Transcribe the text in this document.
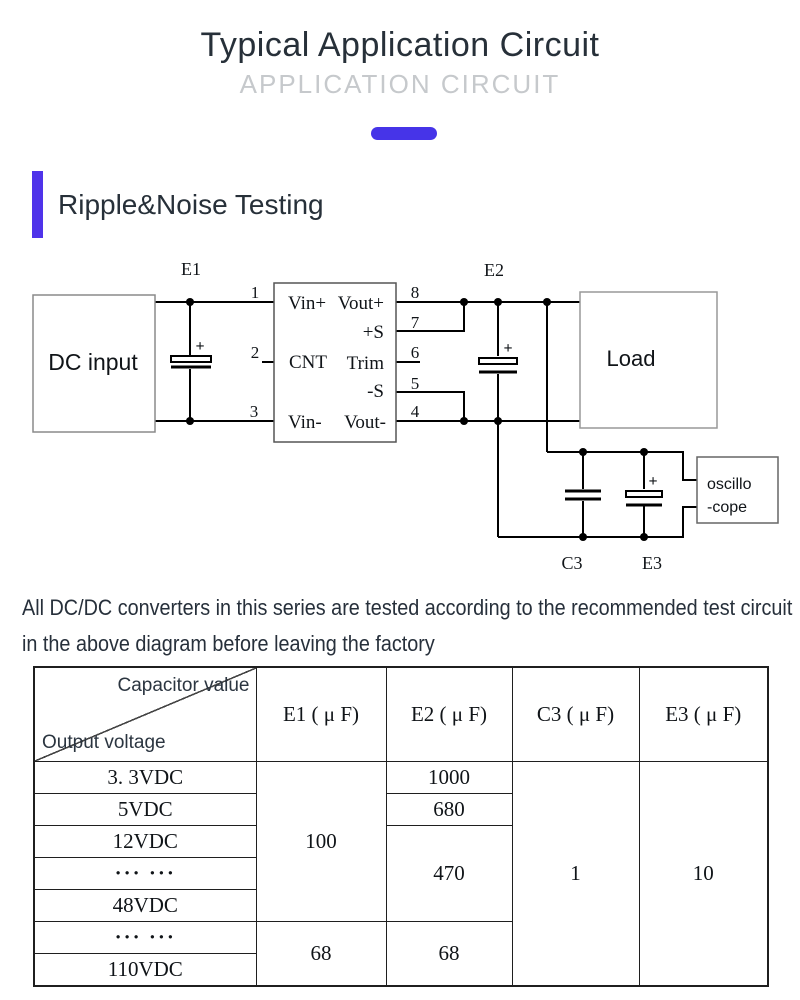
Typical Application Circuit
APPLICATION CIRCUIT
Ripple&Noise Testing
+	+
+
DC input
Vin+ Vout+
+S
CNT Trim
-S
Vin- Vout-
1
2
3
8
7
6
5
4
Load
oscillo
-cope
E1	E2
C3	E3

All DC/DC converters in this series are tested according to the recommended test circuit in the above diagram before leaving the factory

Capacitor value
Output voltage	E1 ( μ F)	E2 ( μ F)	C3 ( μ F)	E3 ( μ F)
3. 3VDC	100	1000	1	10
5VDC		680		
12VDC		470		
··· ···				
48VDC				
··· ···	68	68		
110VDC				
